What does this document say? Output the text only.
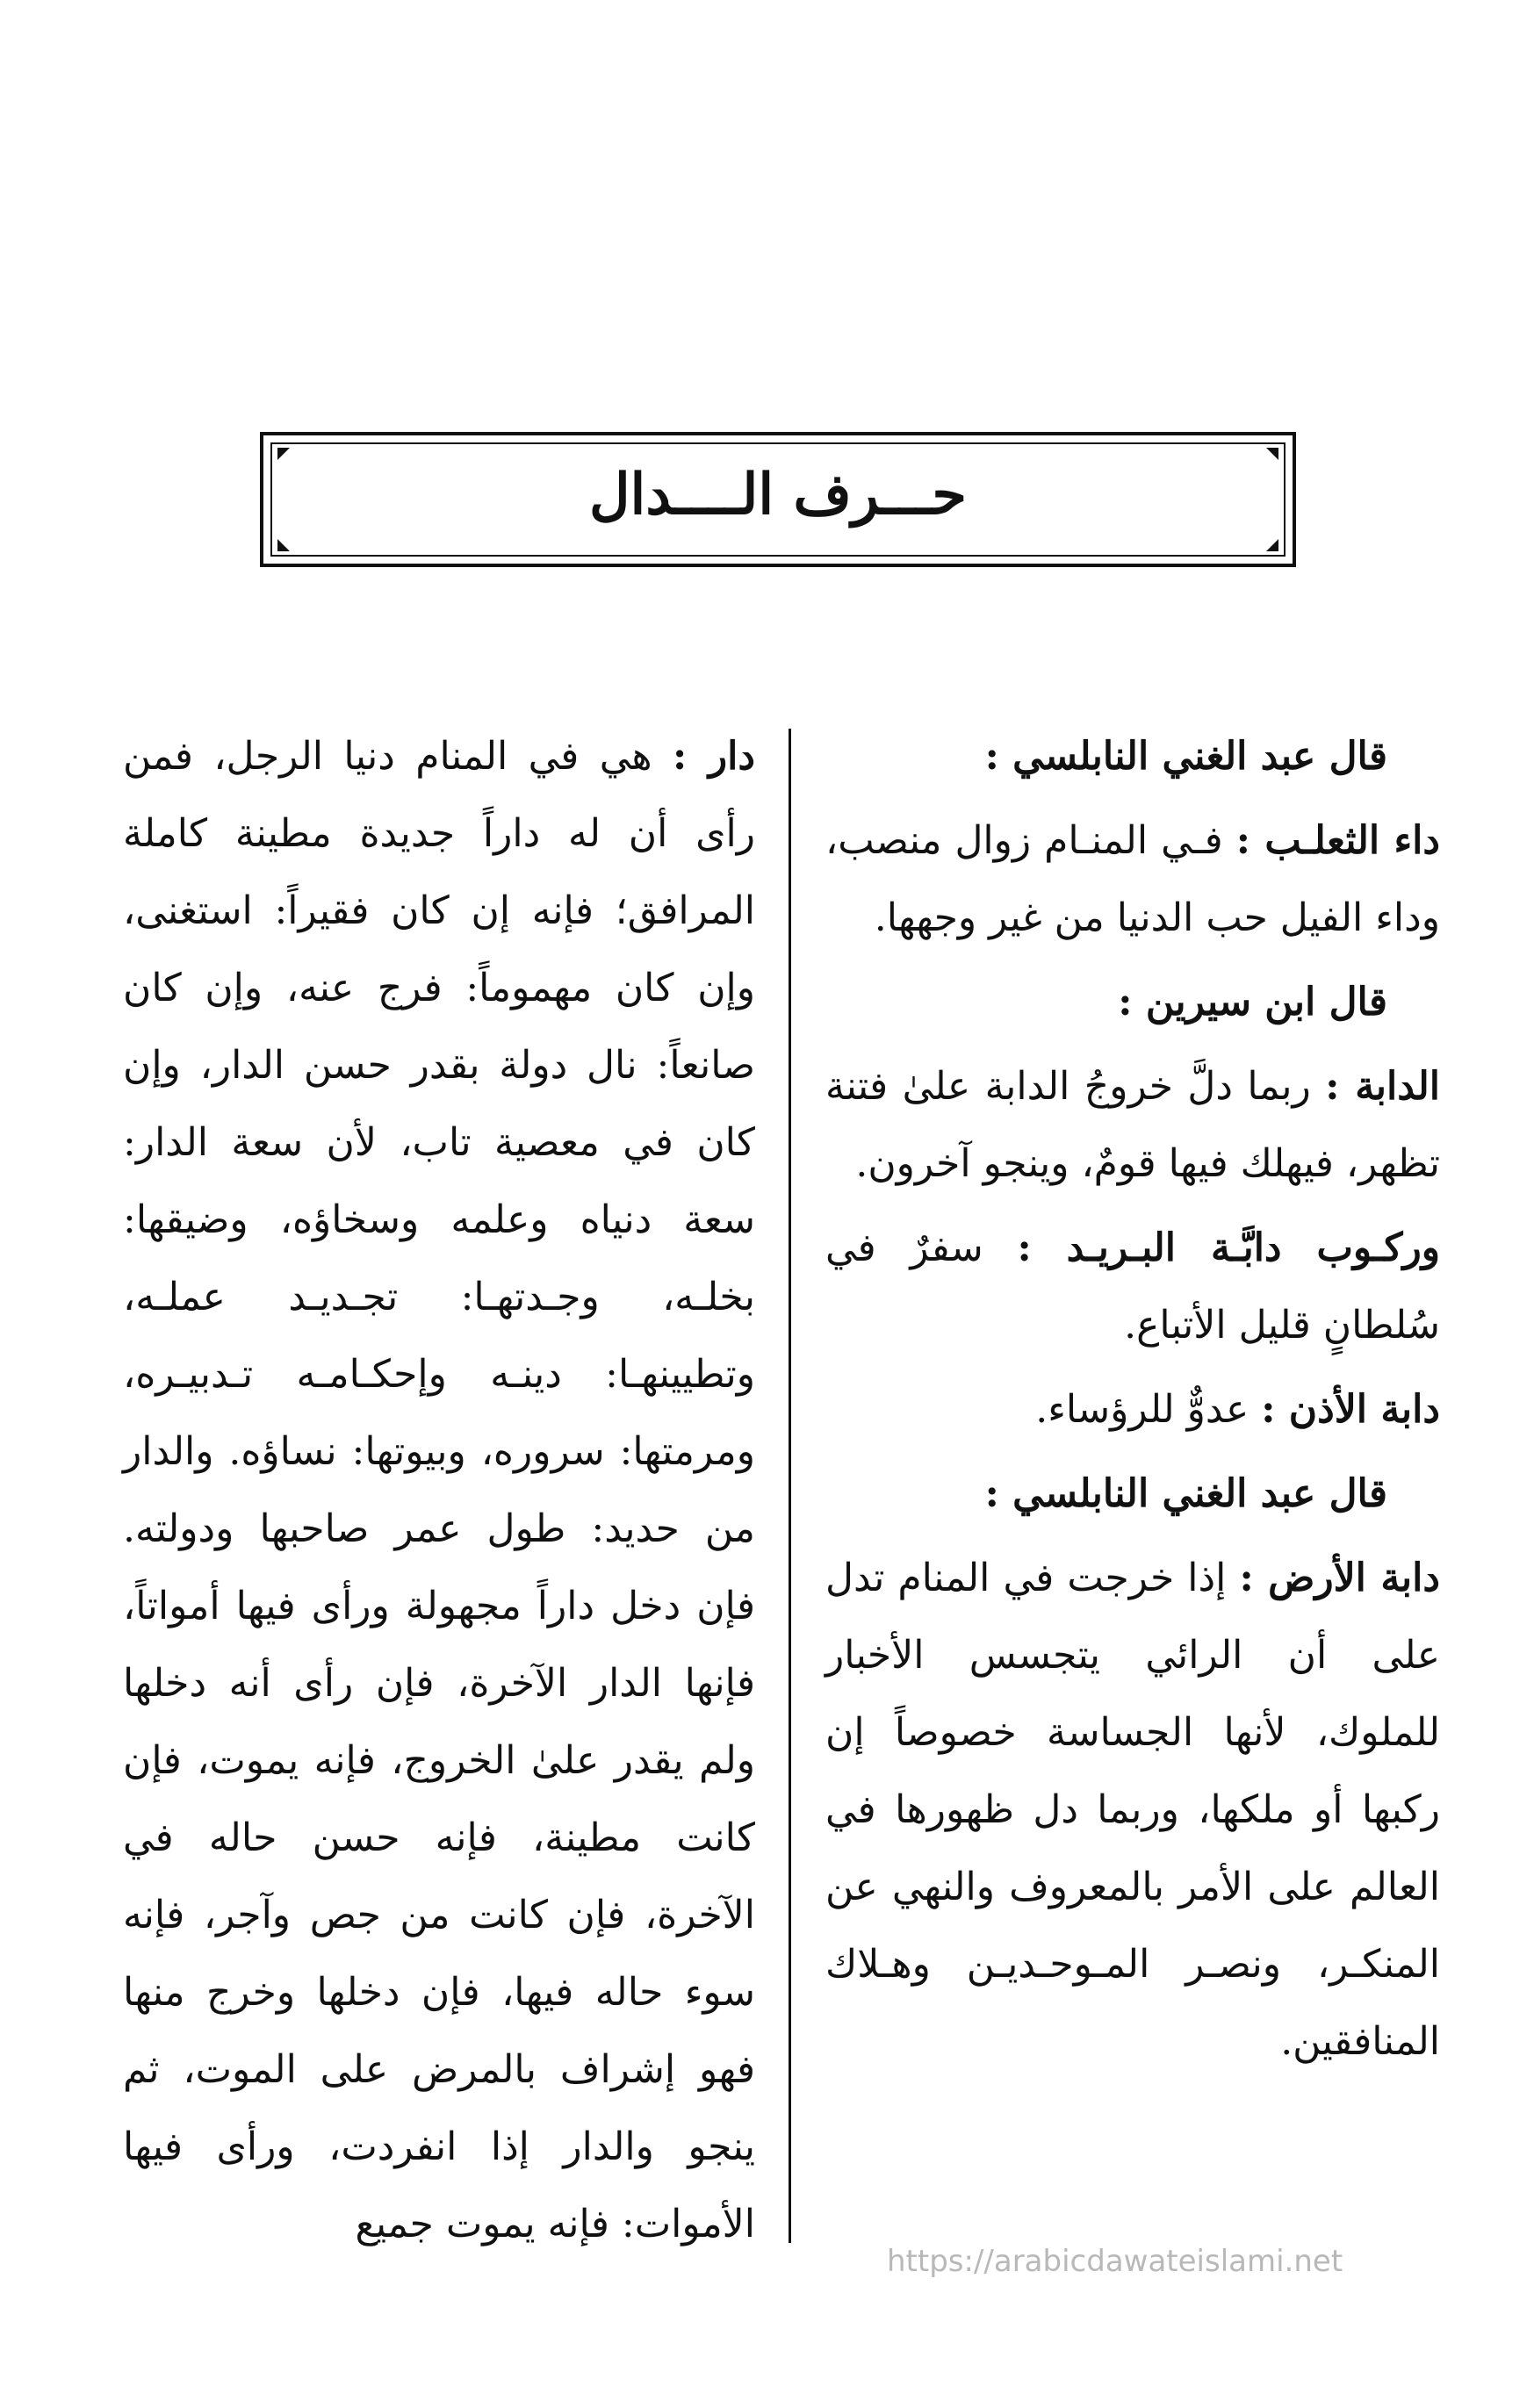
حـــرف الــــدال

قال عبد الغني النابلسي :

داء الثعلـب : فـي المنـام زوال منصب، وداء الفيل حب الدنيا من غير وجهها.

قال ابن سيرين :

الدابة : ربما دلَّ خروجُ الدابة علىٰ فتنة تظهر، فيهلك فيها قومٌ، وينجو آخرون.

وركـوب دابَّـة البـريـد : سفرٌ في سُلطانٍ قليل الأتباع.

دابة الأذن : عدوٌّ للرؤساء.

قال عبد الغني النابلسي :

دابة الأرض : إذا خرجت في المنام تدل على أن الرائي يتجسس الأخبار للملوك، لأنها الجساسة خصوصاً إن ركبها أو ملكها، وربما دل ظهورها في العالم على الأمر بالمعروف والنهي عن المنكـر، ونصـر المـوحـديـن وهـلاك المنافقين.

دار : هي في المنام دنيا الرجل، فمن رأى أن له داراً جديدة مطينة كاملة المرافق؛ فإنه إن كان فقيراً: استغنى، وإن كان مهموماً: فرج عنه، وإن كان صانعاً: نال دولة بقدر حسن الدار، وإن كان في معصية تاب، لأن سعة الدار: سعة دنياه وعلمه وسخاؤه، وضيقها: بخلـه، وجـدتهـا: تجـديـد عملـه، وتطيينهـا: دينـه وإحكـامـه تـدبيـره، ومرمتها: سروره، وبيوتها: نساؤه. والدار من حديد: طول عمر صاحبها ودولته. فإن دخل داراً مجهولة ورأى فيها أمواتاً، فإنها الدار الآخرة، فإن رأى أنه دخلها ولم يقدر علىٰ الخروج، فإنه يموت، فإن كانت مطينة، فإنه حسن حاله في الآخرة، فإن كانت من جص وآجر، فإنه سوء حاله فيها، فإن دخلها وخرج منها فهو إشراف بالمرض على الموت، ثم ينجو والدار إذا انفردت، ورأى فيها الأموات: فإنه يموت جميع

https://arabicdawateislami.net
